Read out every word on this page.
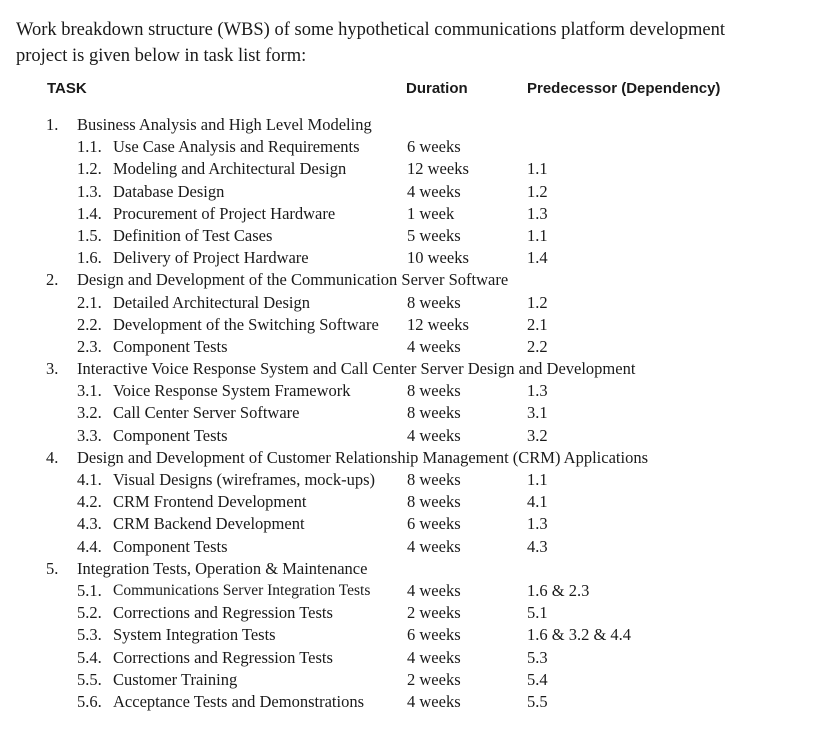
Work breakdown structure (WBS) of some hypothetical communications platform development
project is given below in task list form:

TASK	Duration	Predecessor (Dependency)
1. Business Analysis and High Level Modeling
1.1. Use Case Analysis and Requirements	6 weeks
1.2. Modeling and Architectural Design	12 weeks	1.1
1.3. Database Design	4 weeks	1.2
1.4. Procurement of Project Hardware	1 week	1.3
1.5. Definition of Test Cases	5 weeks	1.1
1.6. Delivery of Project Hardware	10 weeks	1.4
2. Design and Development of the Communication Server Software
2.1. Detailed Architectural Design	8 weeks	1.2
2.2. Development of the Switching Software 12 weeks	2.1
2.3. Component Tests	4 weeks	2.2
3. Interactive Voice Response System and Call Center Server Design and Development
3.1. Voice Response System Framework	8 weeks	1.3
3.2. Call Center Server Software	8 weeks	3.1
3.3. Component Tests	4 weeks	3.2
4. Design and Development of Customer Relationship Management (CRM) Applications
4.1. Visual Designs (wireframes, mock-ups) 8 weeks	1.1
4.2. CRM Frontend Development	8 weeks	4.1
4.3. CRM Backend Development	6 weeks	1.3
4.4. Component Tests	4 weeks	4.3
5. Integration Tests, Operation & Maintenance
5.1. Communications Server Integration Tests 4 weeks	1.6 & 2.3
5.2. Corrections and Regression Tests	2 weeks	5.1
5.3. System Integration Tests	6 weeks	1.6 & 3.2 & 4.4
5.4. Corrections and Regression Tests	4 weeks	5.3
5.5. Customer Training	2 weeks	5.4
5.6. Acceptance Tests and Demonstrations	4 weeks	5.5
